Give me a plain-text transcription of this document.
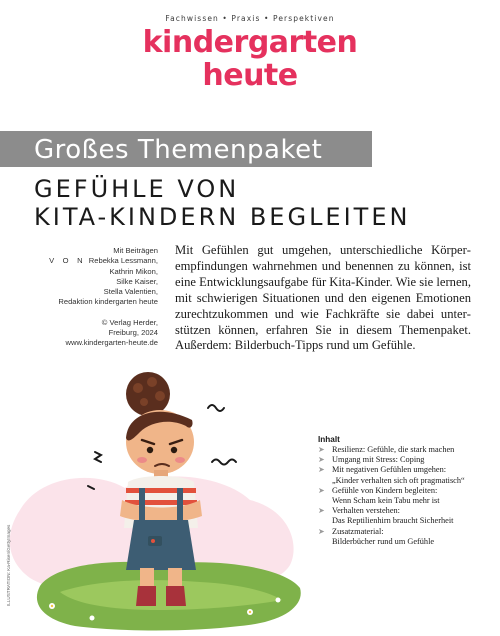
Fachwissen • Praxis • Perspektiven
kindergarten
heute
Großes Themenpaket
GEFÜHLE VON
KITA-KINDERN BEGLEITEN
Mit Beiträgen
V O N Rebekka Lessmann,
Kathrin Mikon,
Silke Kaiser,
Stella Valentien,
Redaktion kindergarten heute
© Verlag Herder,
Freiburg, 2024
www.kindergarten-heute.de

Mit Gefühlen gut umgehen, unterschiedliche Körperempfindungen wahrnehmen und benennen zu können, ist eine Entwicklungsaufgabe für Kita-Kinder. Wie sie lernen, mit schwierigen Situationen und den eigenen Emotionen zurechtzukommen und wie Fachkräfte sie dabei unterstützen können, erfahren Sie in diesem Themenpaket. Außerdem: Bilderbuch-Tipps rund um Gefühle.

ILLUSTRATION: Ka-Risen/GettyImages
Inhalt
➤ Resilienz: Gefühle, die stark machen
➤ Umgang mit Stress: Coping
➤ Mit negativen Gefühlen umgehen:
„Kinder verhalten sich oft pragmatisch“
➤ Gefühle von Kindern begleiten:
Wenn Scham kein Tabu mehr ist
➤ Verhalten verstehen:
Das Reptilienhirn braucht Sicherheit
➤ Zusatzmaterial:
Bilderbücher rund um Gefühle
